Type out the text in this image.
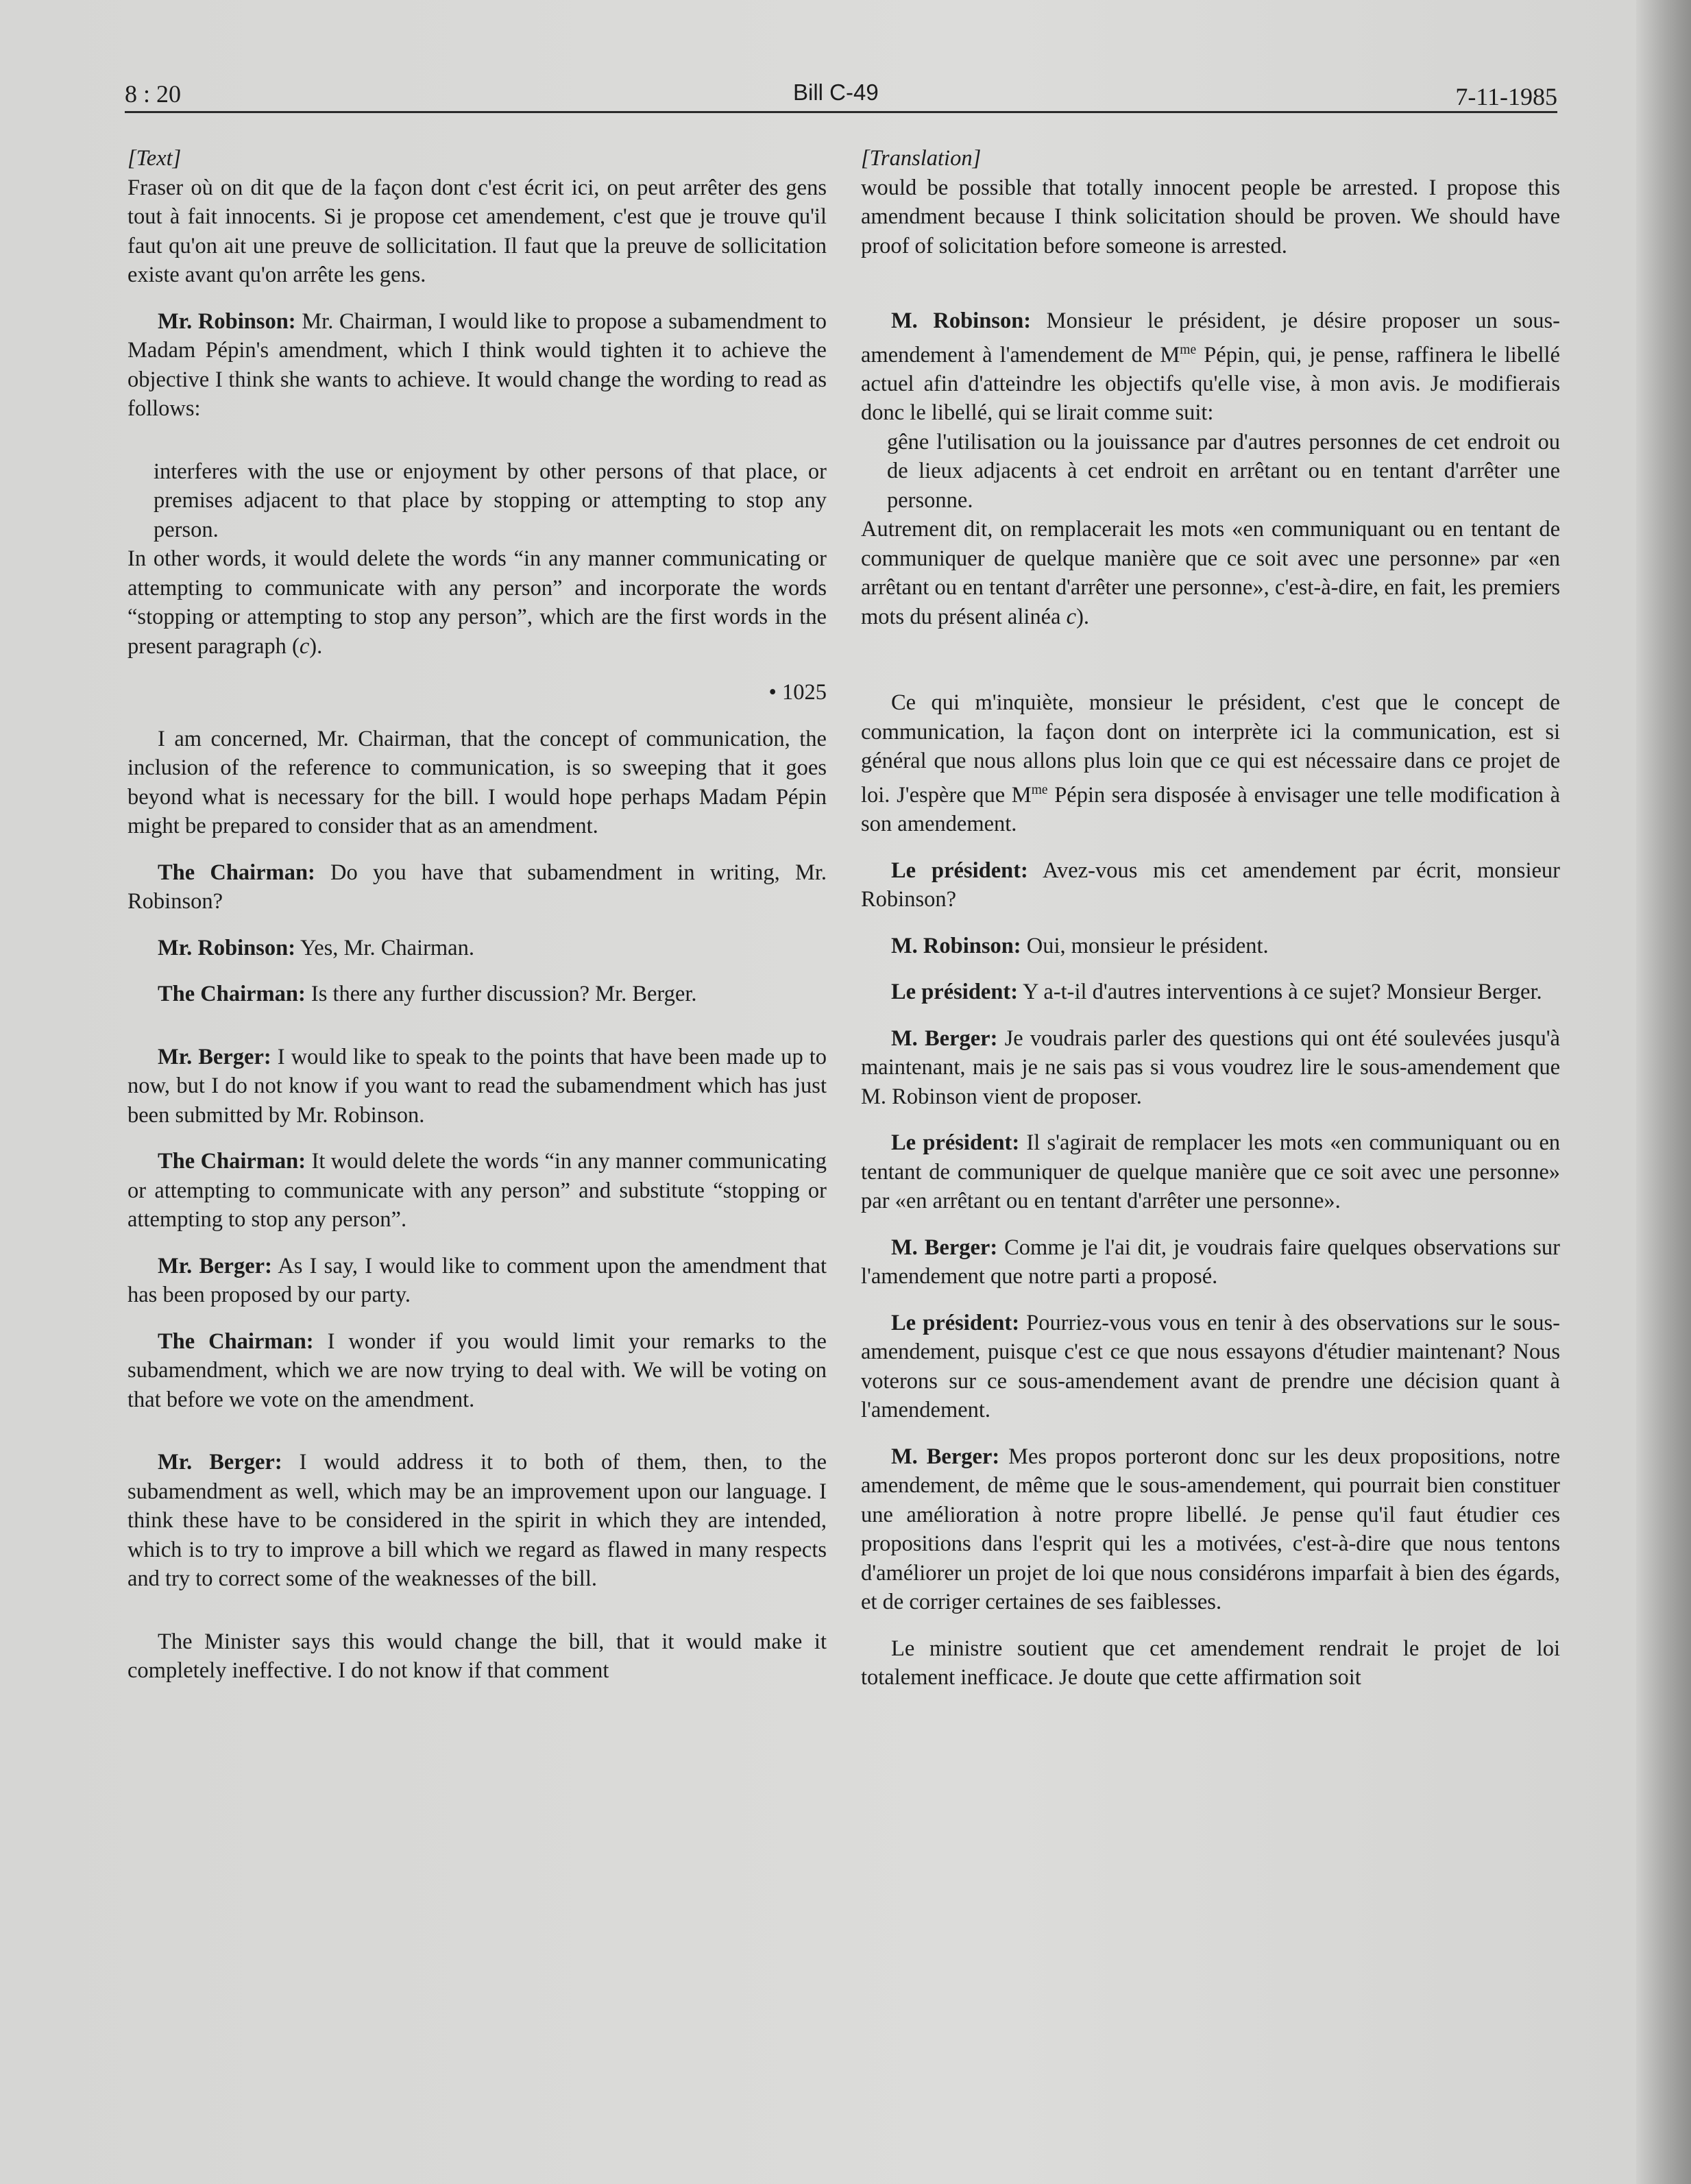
8 : 20	Bill C-49	7-11-1985
[Text]

Fraser où on dit que de la façon dont c'est écrit ici, on peut arrêter des gens tout à fait innocents. Si je propose cet amendement, c'est que je trouve qu'il faut qu'on ait une preuve de sollicitation. Il faut que la preuve de sollicitation existe avant qu'on arrête les gens.

Mr. Robinson: Mr. Chairman, I would like to propose a subamendment to Madam Pépin's amendment, which I think would tighten it to achieve the objective I think she wants to achieve. It would change the wording to read as follows:

interferes with the use or enjoyment by other persons of that place, or premises adjacent to that place by stopping or attempting to stop any person.

In other words, it would delete the words “in any manner communicating or attempting to communicate with any person” and incorporate the words “stopping or attempting to stop any person”, which are the first words in the present paragraph (c).

• 1025

I am concerned, Mr. Chairman, that the concept of communication, the inclusion of the reference to communication, is so sweeping that it goes beyond what is necessary for the bill. I would hope perhaps Madam Pépin might be prepared to consider that as an amendment.

The Chairman: Do you have that subamendment in writing, Mr. Robinson?

Mr. Robinson: Yes, Mr. Chairman.

The Chairman: Is there any further discussion? Mr. Berger.

Mr. Berger: I would like to speak to the points that have been made up to now, but I do not know if you want to read the subamendment which has just been submitted by Mr. Robinson.

The Chairman: It would delete the words “in any manner communicating or attempting to communicate with any person” and substitute “stopping or attempting to stop any person”.

Mr. Berger: As I say, I would like to comment upon the amendment that has been proposed by our party.

The Chairman: I wonder if you would limit your remarks to the subamendment, which we are now trying to deal with. We will be voting on that before we vote on the amendment.

Mr. Berger: I would address it to both of them, then, to the subamendment as well, which may be an improvement upon our language. I think these have to be considered in the spirit in which they are intended, which is to try to improve a bill which we regard as flawed in many respects and try to correct some of the weaknesses of the bill.

The Minister says this would change the bill, that it would make it completely ineffective. I do not know if that comment

[Translation]

would be possible that totally innocent people be arrested. I propose this amendment because I think solicitation should be proven. We should have proof of solicitation before someone is arrested.

M. Robinson: Monsieur le président, je désire proposer un sous-amendement à l'amendement de $M^{me}$ Pépin, qui, je pense, raffinera le libellé actuel afin d'atteindre les objectifs qu'elle vise, à mon avis. Je modifierais donc le libellé, qui se lirait comme suit:

gêne l'utilisation ou la jouissance par d'autres personnes de cet endroit ou de lieux adjacents à cet endroit en arrêtant ou en tentant d'arrêter une personne.

Autrement dit, on remplacerait les mots «en communiquant ou en tentant de communiquer de quelque manière que ce soit avec une personne» par «en arrêtant ou en tentant d'arrêter une personne», c'est-à-dire, en fait, les premiers mots du présent alinéa c).

Ce qui m'inquiète, monsieur le président, c'est que le concept de communication, la façon dont on interprète ici la communication, est si général que nous allons plus loin que ce qui est nécessaire dans ce projet de loi. J'espère que $M^{me}$ Pépin sera disposée à envisager une telle modification à son amendement.

Le président: Avez-vous mis cet amendement par écrit, monsieur Robinson?

M. Robinson: Oui, monsieur le président.

Le président: Y a-t-il d'autres interventions à ce sujet? Monsieur Berger.

M. Berger: Je voudrais parler des questions qui ont été soulevées jusqu'à maintenant, mais je ne sais pas si vous voudrez lire le sous-amendement que M. Robinson vient de proposer.

Le président: Il s'agirait de remplacer les mots «en communiquant ou en tentant de communiquer de quelque manière que ce soit avec une personne» par «en arrêtant ou en tentant d'arrêter une personne».

M. Berger: Comme je l'ai dit, je voudrais faire quelques observations sur l'amendement que notre parti a proposé.

Le président: Pourriez-vous vous en tenir à des observations sur le sous-amendement, puisque c'est ce que nous essayons d'étudier maintenant? Nous voterons sur ce sous-amendement avant de prendre une décision quant à l'amendement.

M. Berger: Mes propos porteront donc sur les deux propositions, notre amendement, de même que le sous-amendement, qui pourrait bien constituer une amélioration à notre propre libellé. Je pense qu'il faut étudier ces propositions dans l'esprit qui les a motivées, c'est-à-dire que nous tentons d'améliorer un projet de loi que nous considérons imparfait à bien des égards, et de corriger certaines de ses faiblesses.

Le ministre soutient que cet amendement rendrait le projet de loi totalement inefficace. Je doute que cette affirmation soit
